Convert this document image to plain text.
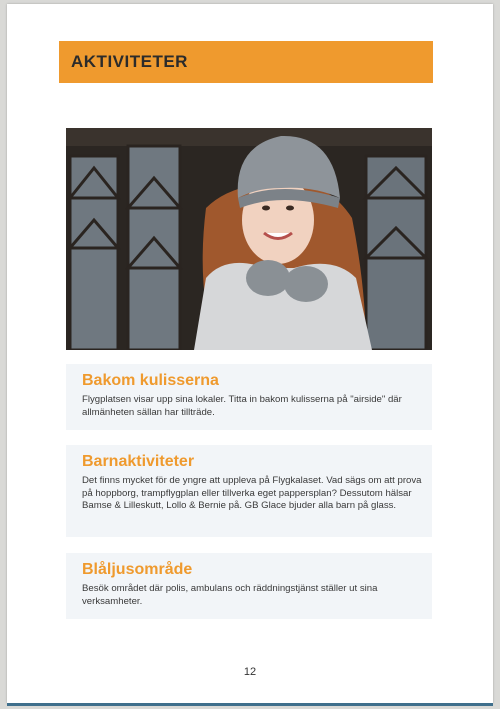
AKTIVITETER
Bakom kulisserna
Flygplatsen visar upp sina lokaler. Titta in bakom kulisserna på "airside" där allmänheten sällan har tillträde.
Barnaktiviteter
Det finns mycket för de yngre att uppleva på Flygkalaset. Vad sägs om att prova på hoppborg, trampflygplan eller tillverka eget pappersplan? Dessutom hälsar Bamse & Lilleskutt, Lollo & Bernie på. GB Glace bjuder alla barn på glass.
Blåljusområde
Besök området där polis, ambulans och räddningstjänst ställer ut sina verksamheter.
12
